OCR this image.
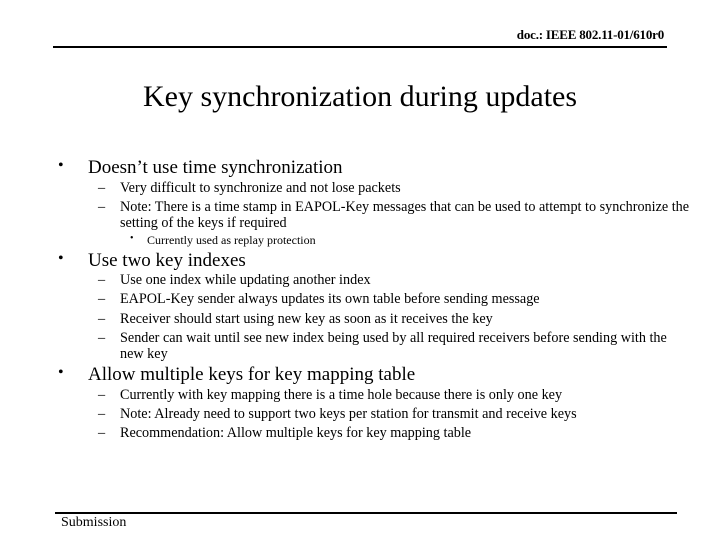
doc.: IEEE 802.11-01/610r0
Key synchronization during updates
• Doesn’t use time synchronization
– Very difficult to synchronize and not lose packets
– Note: There is a time stamp in EAPOL-Key messages that can be used to attempt to synchronize the setting of the keys if required
• Currently used as replay protection
• Use two key indexes
– Use one index while updating another index
– EAPOL-Key sender always updates its own table before sending message
– Receiver should start using new key as soon as it receives the key
– Sender can wait until see new index being used by all required receivers before sending with the new key
• Allow multiple keys for key mapping table
– Currently with key mapping there is a time hole because there is only one key
– Note: Already need to support two keys per station for transmit and receive keys
– Recommendation: Allow multiple keys for key mapping table
Submission
